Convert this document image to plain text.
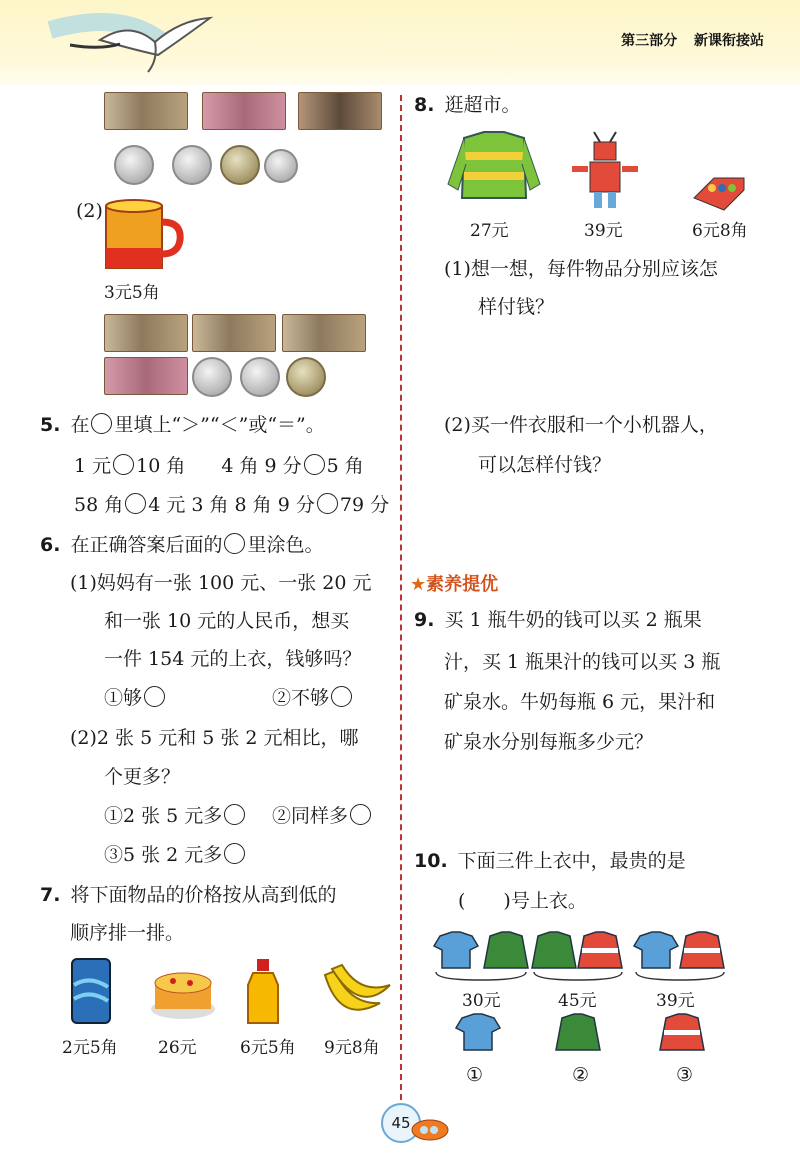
第三部分 新课衔接站
(2)
3元5角
5. 在 里填上“＞”“＜”或“＝”。
1 元 10 角 4 角 9 分 5 角
58 角 4 元 3 角 8 角 9 分 79 分
6. 在正确答案后面的 里涂色。
(1)妈妈有一张 100 元、一张 20 元
和一张 10 元的人民币，想买
一件 154 元的上衣，钱够吗？
①够	②不够
(2)2 张 5 元和 5 张 2 元相比，哪
个更多？
①2 张 5 元多	②同样多
③5 张 2 元多
7. 将下面物品的价格按从高到低的
顺序排一排。
2元5角 26元	6元5角 9元8角
8. 逛超市。
27元	39元	6元8角
(1)想一想，每件物品分别应该怎
样付钱？
(2)买一件衣服和一个小机器人，
可以怎样付钱？
★素养提优
9. 买 1 瓶牛奶的钱可以买 2 瓶果
汁，买 1 瓶果汁的钱可以买 3 瓶
矿泉水。牛奶每瓶 6 元，果汁和
矿泉水分别每瓶多少元？
10. 下面三件上衣中，最贵的是
(　　)号上衣。
30元	45元	39元
①	②	③
45
